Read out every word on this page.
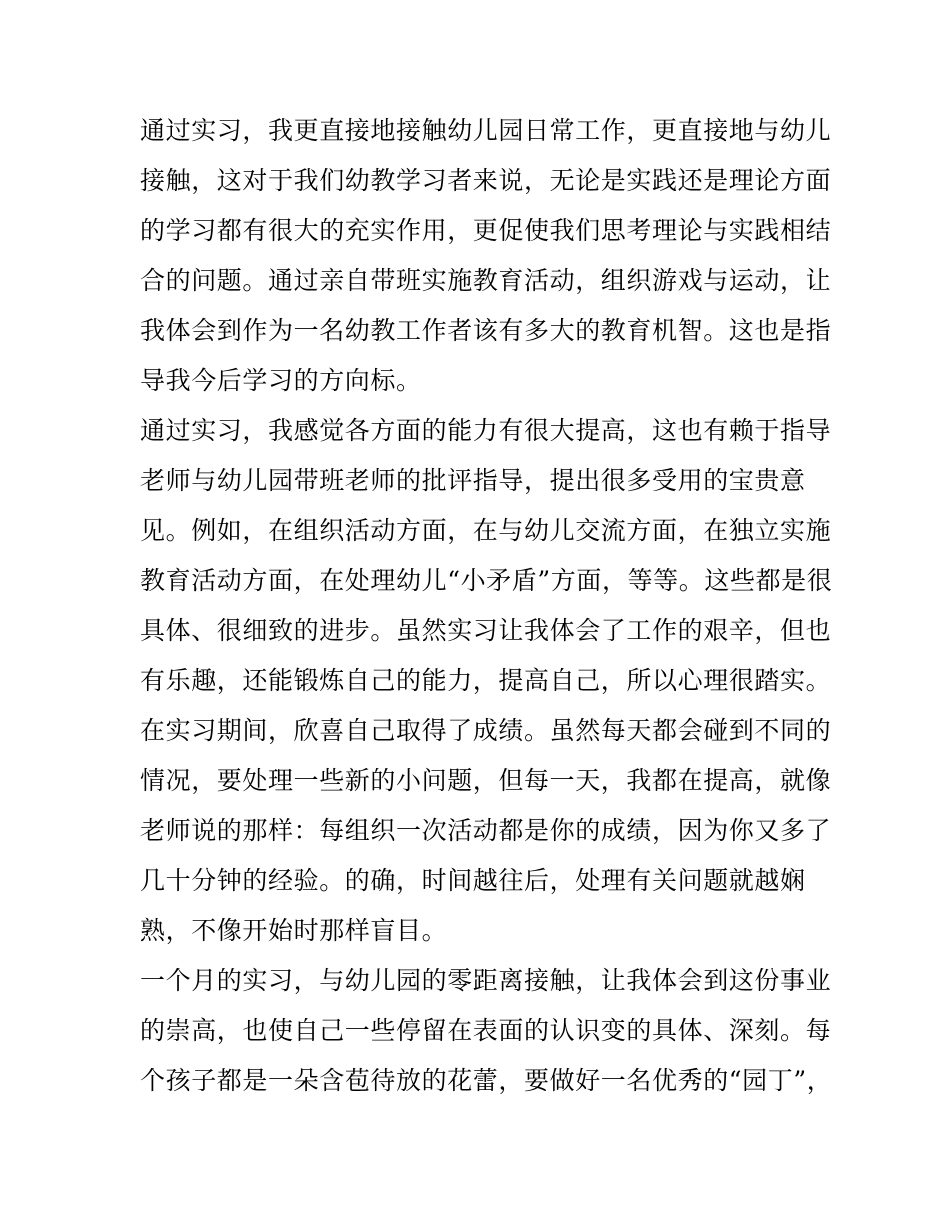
通过实习，我更直接地接触幼儿园日常工作，更直接地与幼儿
接触，这对于我们幼教学习者来说，无论是实践还是理论方面
的学习都有很大的充实作用，更促使我们思考理论与实践相结
合的问题。通过亲自带班实施教育活动，组织游戏与运动，让
我体会到作为一名幼教工作者该有多大的教育机智。这也是指
导我今后学习的方向标。
通过实习，我感觉各方面的能力有很大提高，这也有赖于指导
老师与幼儿园带班老师的批评指导，提出很多受用的宝贵意
见。例如，在组织活动方面，在与幼儿交流方面，在独立实施
教育活动方面，在处理幼儿“小矛盾”方面，等等。这些都是很
具体、很细致的进步。虽然实习让我体会了工作的艰辛，但也
有乐趣，还能锻炼自己的能力，提高自己，所以心理很踏实。
在实习期间，欣喜自己取得了成绩。虽然每天都会碰到不同的
情况，要处理一些新的小问题，但每一天，我都在提高，就像
老师说的那样：每组织一次活动都是你的成绩，因为你又多了
几十分钟的经验。的确，时间越往后，处理有关问题就越娴
熟，不像开始时那样盲目。
一个月的实习，与幼儿园的零距离接触，让我体会到这份事业
的崇高，也使自己一些停留在表面的认识变的具体、深刻。每
个孩子都是一朵含苞待放的花蕾，要做好一名优秀的“园丁”，
